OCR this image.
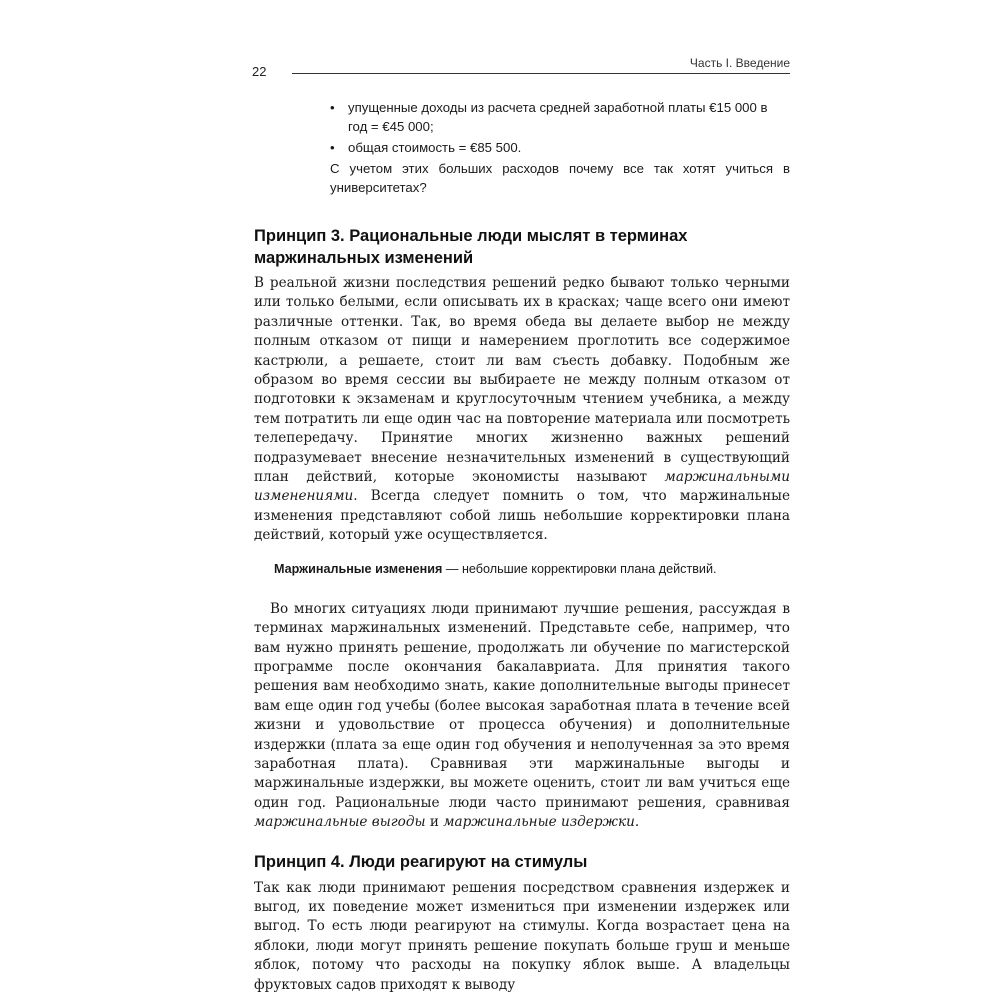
22
Часть I. Введение
• упущенные доходы из расчета средней заработной платы €15 000 в год = €45 000;
• общая стоимость = €85 500.

С учетом этих больших расходов почему все так хотят учиться в университетах?

Принцип 3. Рациональные люди мыслят в терминах маржинальных изменений

В реальной жизни последствия решений редко бывают только черными или только белыми, если описывать их в красках; чаще всего они имеют различные оттенки. Так, во время обеда вы делаете выбор не между полным отказом от пищи и намерением проглотить все содержимое кастрюли, а решаете, стоит ли вам съесть добавку. Подобным же образом во время сессии вы выбираете не между полным отказом от подготовки к экзаменам и круглосуточным чтением учебника, а между тем потратить ли еще один час на повторение материала или посмотреть телепередачу. Принятие многих жизненно важных решений подразумевает внесение незначительных изменений в существующий план действий, которые экономисты называют маржинальными изменениями. Всегда следует помнить о том, что маржинальные изменения представляют собой лишь небольшие корректировки плана действий, который уже осуществляется.

Маржинальные изменения — небольшие корректировки плана действий.

Во многих ситуациях люди принимают лучшие решения, рассуждая в терминах маржинальных изменений. Представьте себе, например, что вам нужно принять решение, продолжать ли обучение по магистерской программе после окончания бакалавриата. Для принятия такого решения вам необходимо знать, какие дополнительные выгоды принесет вам еще один год учебы (более высокая заработная плата в течение всей жизни и удовольствие от процесса обучения) и дополнительные издержки (плата за еще один год обучения и неполученная за это время заработная плата). Сравнивая эти маржинальные выгоды и маржинальные издержки, вы можете оценить, стоит ли вам учиться еще один год. Рациональные люди часто принимают решения, сравнивая маржинальные выгоды и маржинальные издержки.

Принцип 4. Люди реагируют на стимулы

Так как люди принимают решения посредством сравнения издержек и выгод, их поведение может измениться при изменении издержек или выгод. То есть люди реагируют на стимулы. Когда возрастает цена на яблоки, люди могут принять решение покупать больше груш и меньше яблок, потому что расходы на покупку яблок выше. А владельцы фруктовых садов приходят к выводу
